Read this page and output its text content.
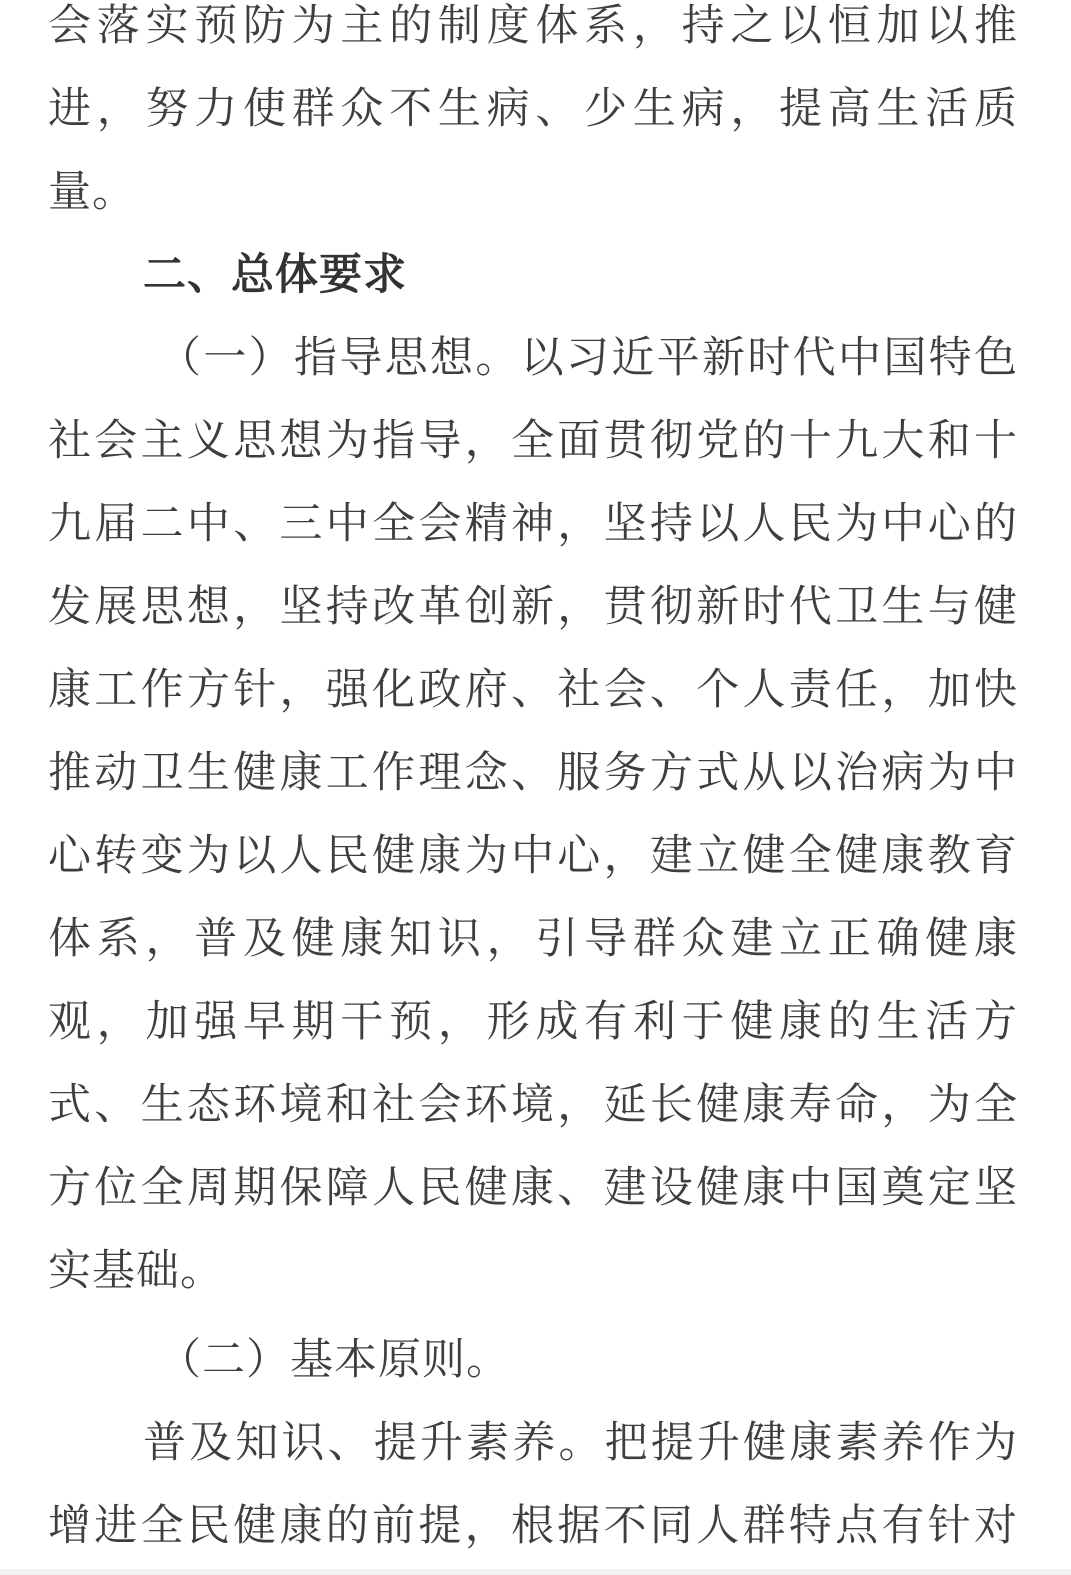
会落实预防为主的制度体系，持之以恒加以推
进，努力使群众不生病、少生病，提高生活质
量。
二、总体要求
（一）指导思想。以习近平新时代中国特色
社会主义思想为指导，全面贯彻党的十九大和十
九届二中、三中全会精神，坚持以人民为中心的
发展思想，坚持改革创新，贯彻新时代卫生与健
康工作方针，强化政府、社会、个人责任，加快
推动卫生健康工作理念、服务方式从以治病为中
心转变为以人民健康为中心，建立健全健康教育
体系，普及健康知识，引导群众建立正确健康
观，加强早期干预，形成有利于健康的生活方
式、生态环境和社会环境，延长健康寿命，为全
方位全周期保障人民健康、建设健康中国奠定坚
实基础。
（二）基本原则。
普及知识、提升素养。把提升健康素养作为
增进全民健康的前提，根据不同人群特点有针对
